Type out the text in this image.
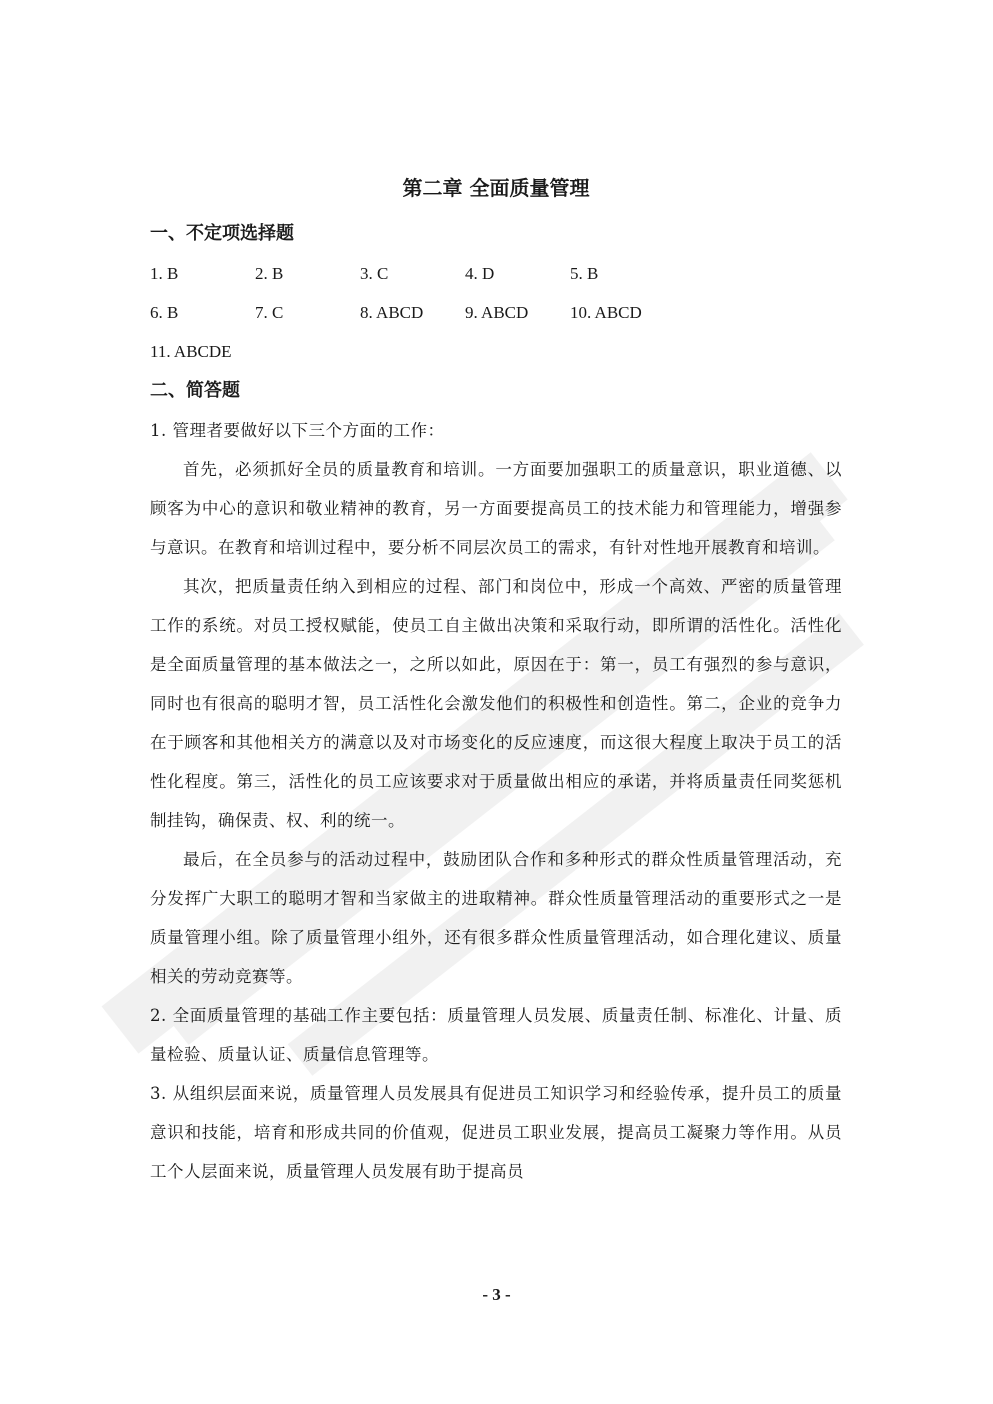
第二章 全面质量管理
一、不定项选择题
1. B	2. B	3. C	4. D	5. B
6. B	7. C	8. ABCD	9. ABCD	10. ABCD
11. ABCDE
二、简答题

1. 管理者要做好以下三个方面的工作：

首先，必须抓好全员的质量教育和培训。一方面要加强职工的质量意识，职业道德、以顾客为中心的意识和敬业精神的教育，另一方面要提高员工的技术能力和管理能力，增强参与意识。在教育和培训过程中，要分析不同层次员工的需求，有针对性地开展教育和培训。

其次，把质量责任纳入到相应的过程、部门和岗位中，形成一个高效、严密的质量管理工作的系统。对员工授权赋能，使员工自主做出决策和采取行动，即所谓的活性化。活性化是全面质量管理的基本做法之一，之所以如此，原因在于：第一，员工有强烈的参与意识，同时也有很高的聪明才智，员工活性化会激发他们的积极性和创造性。第二，企业的竞争力在于顾客和其他相关方的满意以及对市场变化的反应速度，而这很大程度上取决于员工的活性化程度。第三，活性化的员工应该要求对于质量做出相应的承诺，并将质量责任同奖惩机制挂钩，确保责、权、利的统一。

最后，在全员参与的活动过程中，鼓励团队合作和多种形式的群众性质量管理活动，充分发挥广大职工的聪明才智和当家做主的进取精神。群众性质量管理活动的重要形式之一是质量管理小组。除了质量管理小组外，还有很多群众性质量管理活动，如合理化建议、质量相关的劳动竞赛等。

2. 全面质量管理的基础工作主要包括：质量管理人员发展、质量责任制、标准化、计量、质量检验、质量认证、质量信息管理等。

3. 从组织层面来说，质量管理人员发展具有促进员工知识学习和经验传承，提升员工的质量意识和技能，培育和形成共同的价值观，促进员工职业发展，提高员工凝聚力等作用。从员工个人层面来说，质量管理人员发展有助于提高员

- 3 -
